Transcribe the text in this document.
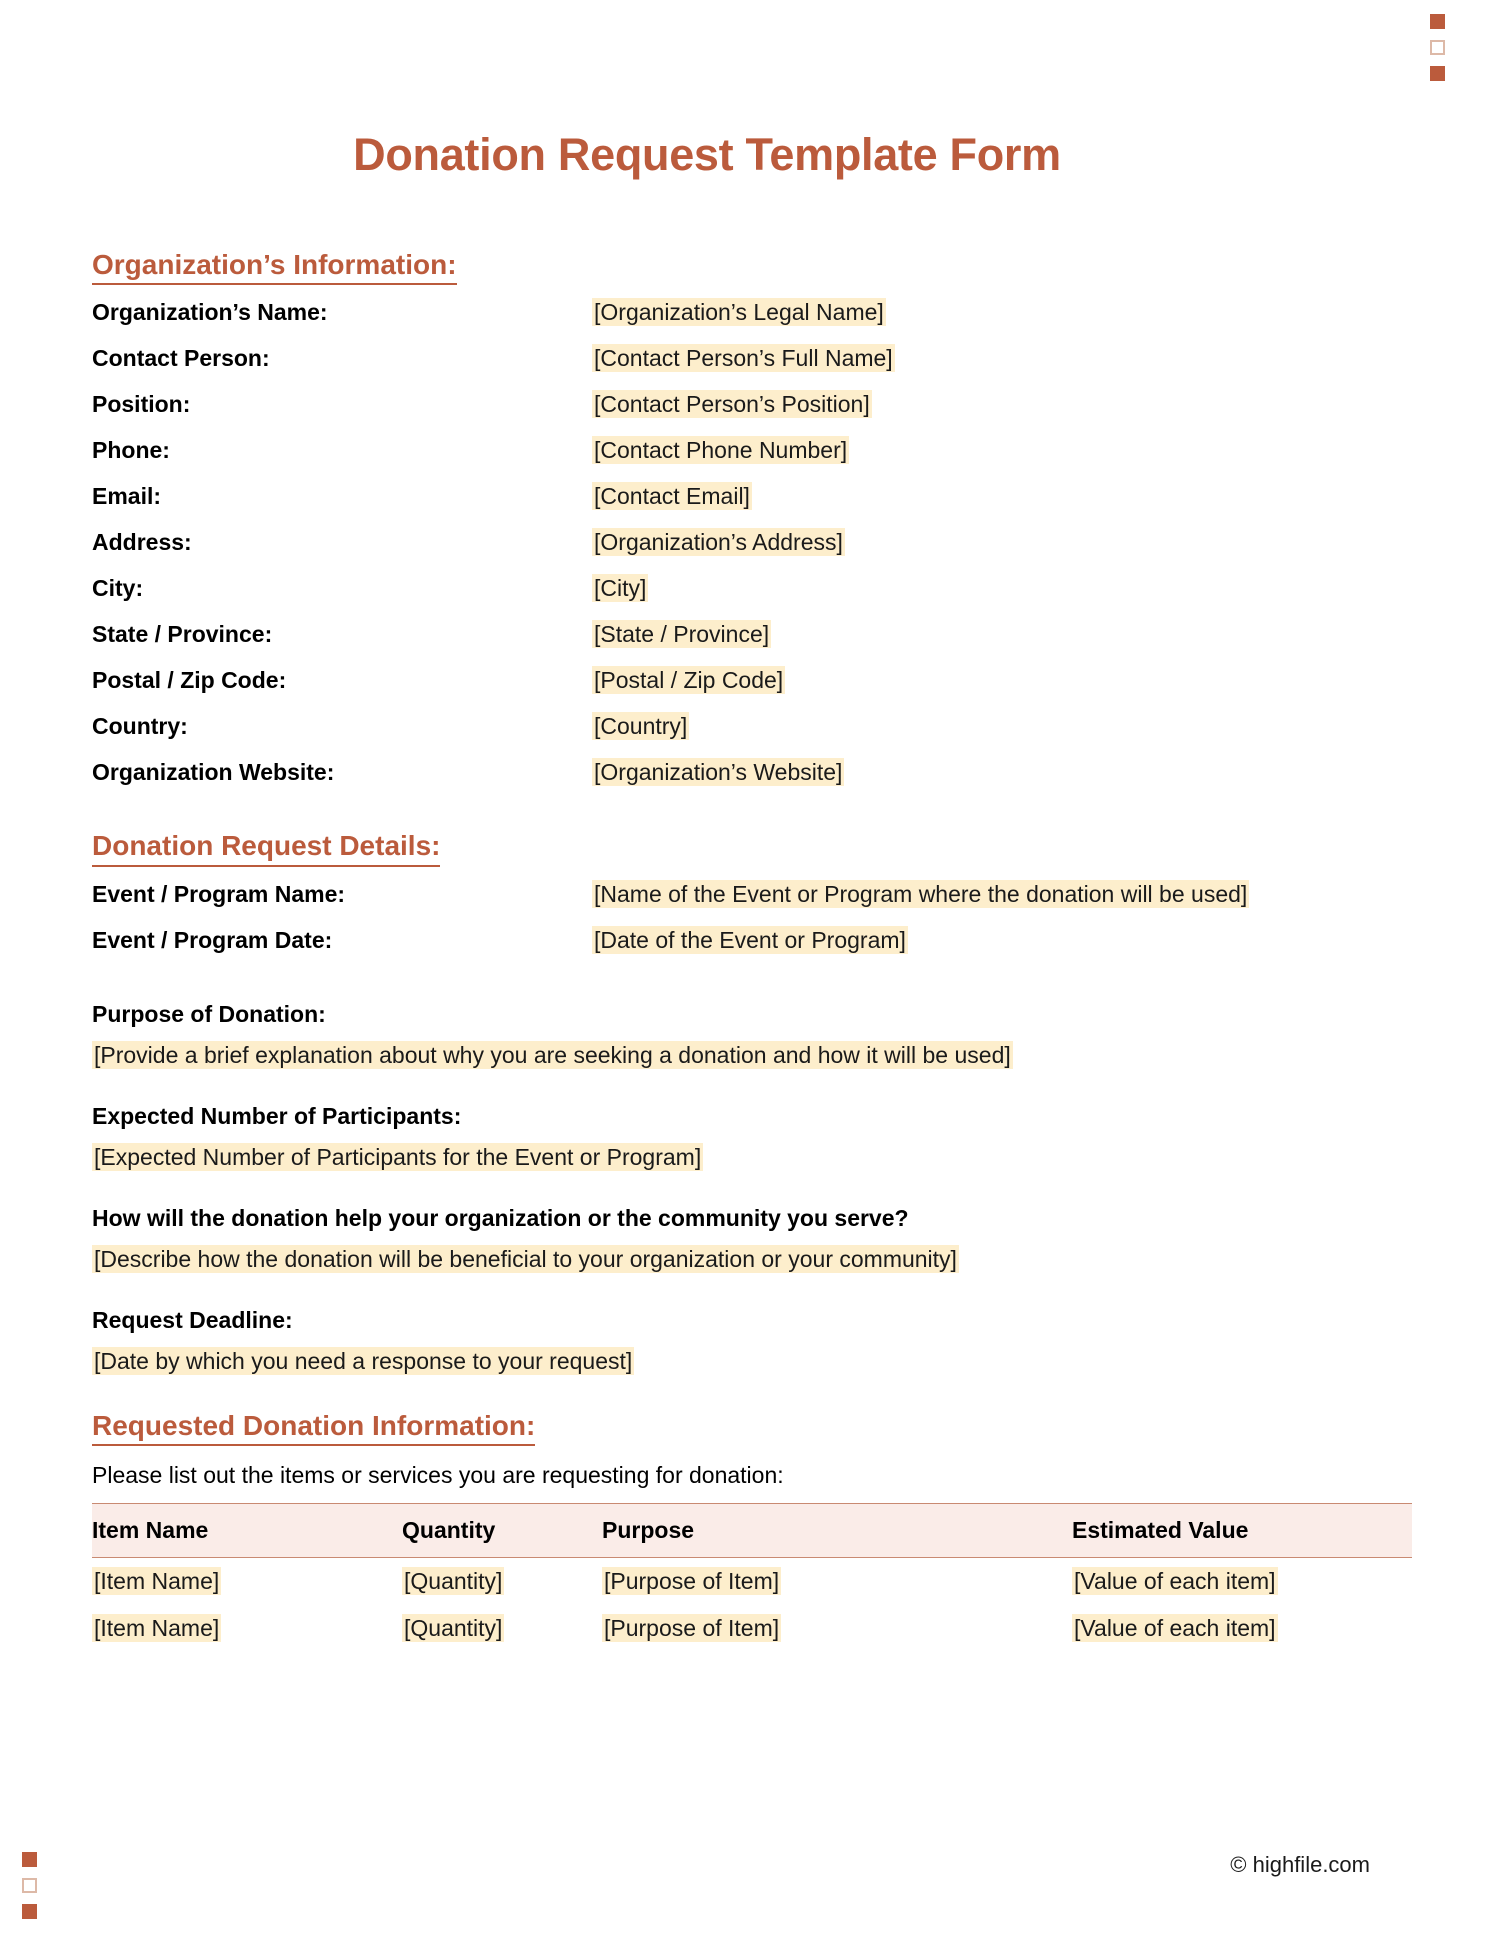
Donation Request Template Form
Organization’s Information:
Organization’s Name:	[Organization’s Legal Name]
Contact Person:	[Contact Person’s Full Name]
Position:	[Contact Person’s Position]
Phone:	[Contact Phone Number]
Email:	[Contact Email]
Address:	[Organization’s Address]
City:	[City]
State / Province:	[State / Province]
Postal / Zip Code:	[Postal / Zip Code]
Country:	[Country]
Organization Website:	[Organization’s Website]
Donation Request Details:
Event / Program Name:	[Name of the Event or Program where the donation will be used]
Event / Program Date:	[Date of the Event or Program]
Purpose of Donation:
[Provide a brief explanation about why you are seeking a donation and how it will be used]
Expected Number of Participants:
[Expected Number of Participants for the Event or Program]
How will the donation help your organization or the community you serve?
[Describe how the donation will be beneficial to your organization or your community]
Request Deadline:
[Date by which you need a response to your request]
Requested Donation Information:
Please list out the items or services you are requesting for donation:
Item Name	Quantity	Purpose	Estimated Value
[Item Name]	[Quantity]	[Purpose of Item]	[Value of each item]
[Item Name]	[Quantity]	[Purpose of Item]	[Value of each item]
© highfile.com
